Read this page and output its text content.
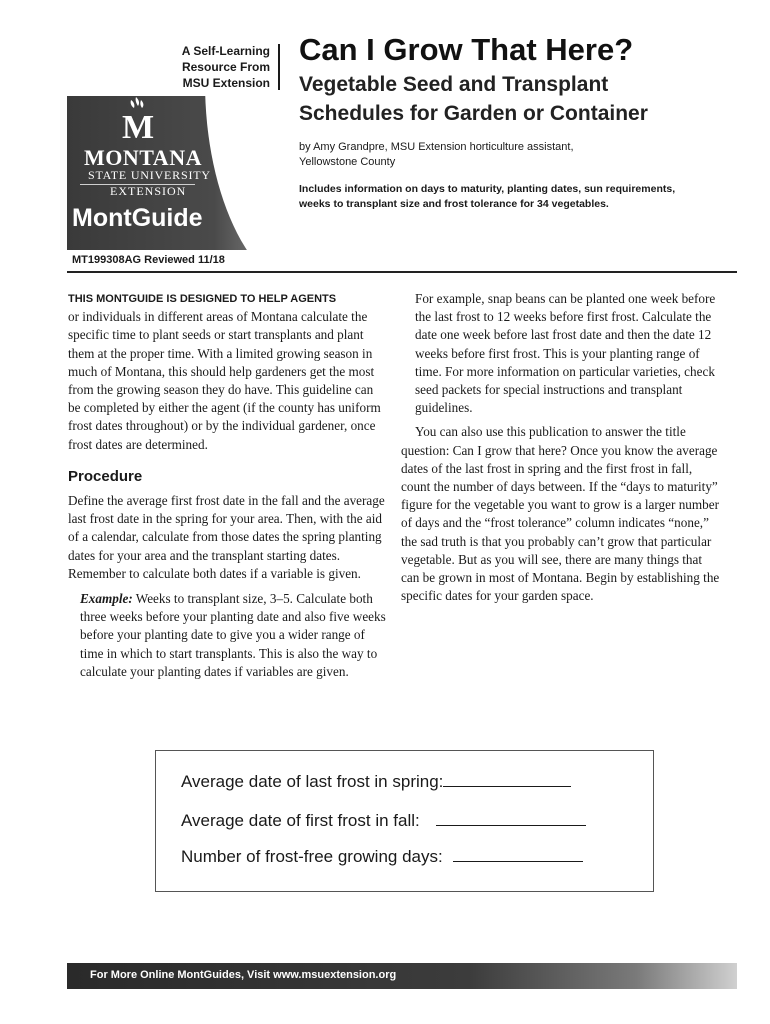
A Self-Learning
Resource From
MSU Extension
M
MONTANA
STATE UNIVERSITY
EXTENSION
MontGuide
Can I Grow That Here?
Vegetable Seed and Transplant
Schedules for Garden or Container
by Amy Grandpre, MSU Extension horticulture assistant,
Yellowstone County
Includes information on days to maturity, planting dates, sun requirements,
weeks to transplant size and frost tolerance for 34 vegetables.
MT199308AG Reviewed 11/18

THIS MONTGUIDE IS DESIGNED TO HELP AGENTS
or individuals in different areas of Montana calculate the specific time to plant seeds or start transplants and plant them at the proper time. With a limited growing season in much of Montana, this should help gardeners get the most from the growing season they do have. This guideline can be completed by either the agent (if the county has uniform frost dates throughout) or by the individual gardener, once frost dates are determined.

Procedure

Define the average first frost date in the fall and the average last frost date in the spring for your area. Then, with the aid of a calendar, calculate from those dates the spring planting dates for your area and the transplant starting dates. Remember to calculate both dates if a variable is given.

Example: Weeks to transplant size, 3–5. Calculate both three weeks before your planting date and also five weeks before your planting date to give you a wider range of time in which to start transplants. This is also the way to calculate your planting dates if variables are given.

For example, snap beans can be planted one week before the last frost to 12 weeks before first frost. Calculate the date one week before last frost date and then the date 12 weeks before first frost. This is your planting range of time. For more information on particular varieties, check seed packets for special instructions and transplant guidelines.

You can also use this publication to answer the title question: Can I grow that here? Once you know the average dates of the last frost in spring and the first frost in fall, count the number of days between. If the “days to maturity” figure for the vegetable you want to grow is a larger number of days and the “frost tolerance” column indicates “none,” the sad truth is that you probably can’t grow that particular vegetable. But as you will see, there are many things that can be grown in most of Montana. Begin by establishing the specific dates for your garden space.

Average date of last frost in spring:
Average date of first frost in fall:
Number of frost-free growing days:
For More Online MontGuides, Visit www.msuextension.org
